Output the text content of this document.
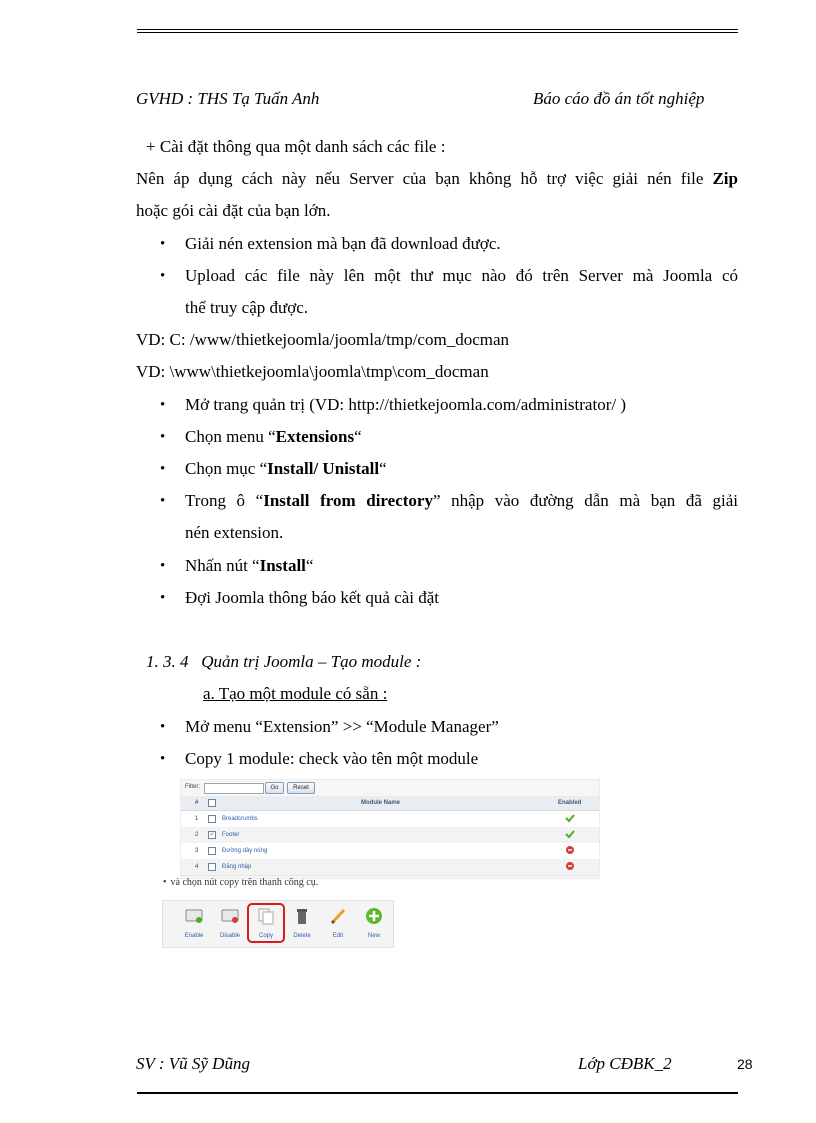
GVHD : THS Tạ Tuấn Anh	Báo cáo đồ án tốt nghiệp
+ Cài đặt thông qua một danh sách các file :
Nên áp dụng cách này nếu Server của bạn không hỗ trợ việc giải nén file Zip
hoặc gói cài đặt của bạn lớn.
• Giải nén extension mà bạn đã download được.
• Upload các file này lên một thư mục nào đó trên Server mà Joomla có
thể truy cập được.
VD: C: /www/thietkejoomla/joomla/tmp/com_docman
VD: \www\thietkejoomla\joomla\tmp\com_docman
• Mở trang quản trị (VD: http://thietkejoomla.com/administrator/ )
• Chọn menu “Extensions“
• Chọn mục “Install/ Unistall“
• Trong ô “Install from directory” nhập vào đường dẫn mà bạn đã giải
nén extension.
• Nhấn nút “Install“
• Đợi Joomla thông báo kết quả cài đặt
1. 3. 4   Quản trị Joomla – Tạo module :
a. Tạo một module có sẵn :
• Mở menu “Extension” >> “Module Manager”
• Copy 1 module: check vào tên một module
Filter:	Go	Reset
#	Module Name	Enabled
1	Breadcrumbs
2 ✓ Footer
3	Đường dây nóng
4	Đăng nhập
• và chọn nút copy trên thanh công cụ.
Enable	Disable	Copy	Delete	Edit	New
SV : Vũ Sỹ Dũng	Lớp CĐBK_2	28
